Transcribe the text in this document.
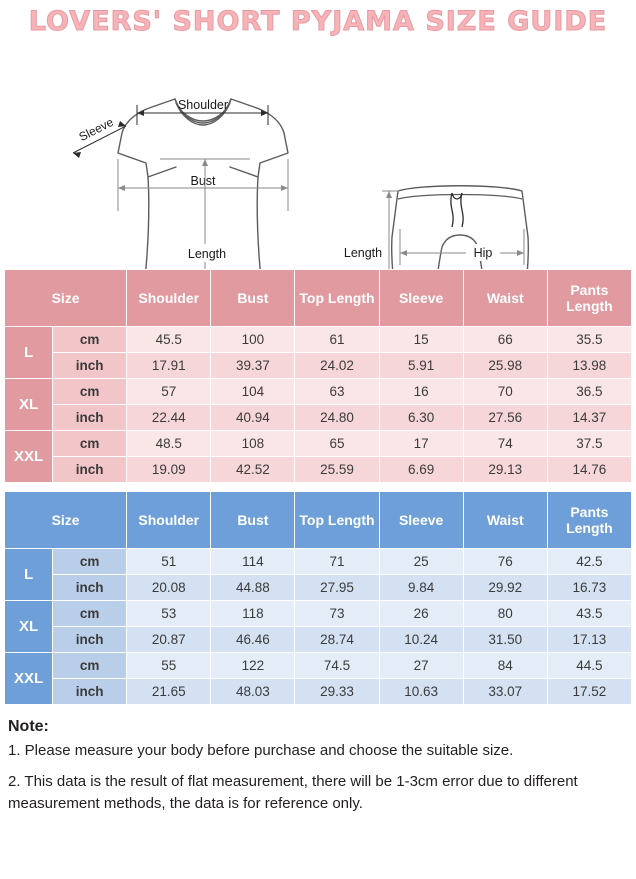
LOVERS' SHORT PYJAMA SIZE GUIDE
Shoulder
Sleeve
Bust
Length	Length	Hip
Size		Shoulder	Bust	Top Length	Sleeve	Waist	Pants Length
L	cm	45.5	100	61	15	66	35.5
	inch	17.91	39.37	24.02	5.91	25.98	13.98
XL	cm	57	104	63	16	70	36.5
	inch	22.44	40.94	24.80	6.30	27.56	14.37
XXL	cm	48.5	108	65	17	74	37.5
	inch	19.09	42.52	25.59	6.69	29.13	14.76
Size		Shoulder	Bust	Top Length	Sleeve	Waist	Pants Length
L	cm	51	114	71	25	76	42.5
	inch	20.08	44.88	27.95	9.84	29.92	16.73
XL	cm	53	118	73	26	80	43.5
	inch	20.87	46.46	28.74	10.24	31.50	17.13
XXL	cm	55	122	74.5	27	84	44.5
	inch	21.65	48.03	29.33	10.63	33.07	17.52
Note:

1. Please measure your body before purchase and choose the suitable size.

2. This data is the result of flat measurement, there will be 1-3cm error due to different measurement methods, the data is for reference only.
